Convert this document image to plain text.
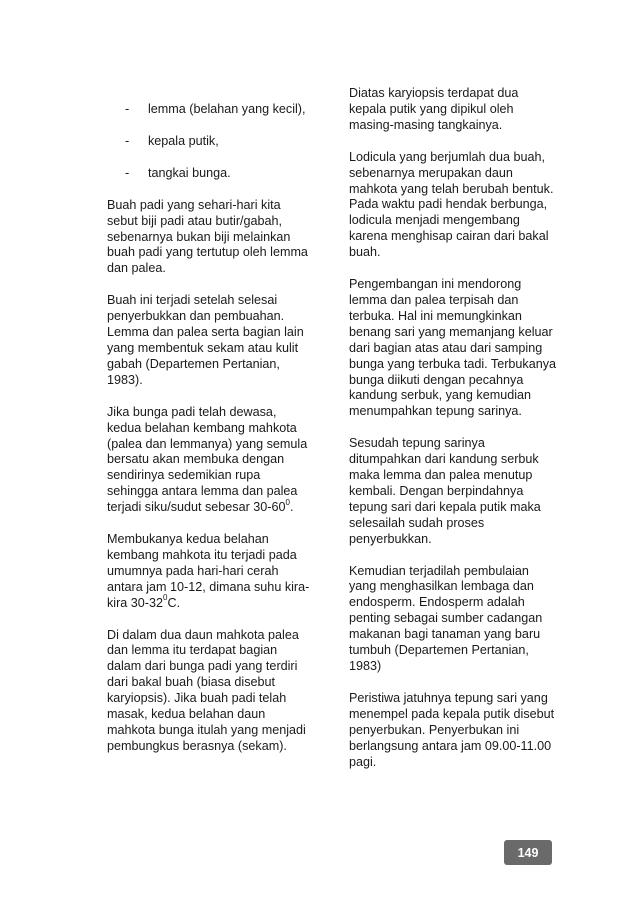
- lemma (belahan yang kecil),
- kepala putik,
- tangkai bunga.

Buah padi yang sehari-hari kita sebut biji padi atau butir/gabah, sebenarnya bukan biji melainkan buah padi yang tertutup oleh lemma dan palea.

Buah ini terjadi setelah selesai penyerbukkan dan pembuahan. Lemma dan palea serta bagian lain yang membentuk sekam atau kulit gabah (Departemen Pertanian, 1983).

Jika bunga padi telah dewasa, kedua belahan kembang mahkota (palea dan lemmanya) yang semula bersatu akan membuka dengan sendirinya sedemikian rupa sehingga antara lemma dan palea terjadi siku/sudut sebesar $30-60^0$.

Membukanya kedua belahan kembang mahkota itu terjadi pada umumnya pada hari-hari cerah antara jam 10-12, dimana suhu kira-kira $30-32^0C$.

Di dalam dua daun mahkota palea dan lemma itu terdapat bagian dalam dari bunga padi yang terdiri dari bakal buah (biasa disebut karyiopsis). Jika buah padi telah masak, kedua belahan daun mahkota bunga itulah yang menjadi pembungkus berasnya (sekam).

Diatas karyiopsis terdapat dua kepala putik yang dipikul oleh masing-masing tangkainya.

Lodicula yang berjumlah dua buah, sebenarnya merupakan daun mahkota yang telah berubah bentuk.

Pada waktu padi hendak berbunga, lodicula menjadi mengembang karena menghisap cairan dari bakal buah.

Pengembangan ini mendorong lemma dan palea terpisah dan terbuka. Hal ini memungkinkan benang sari yang memanjang keluar dari bagian atas atau dari samping bunga yang terbuka tadi. Terbukanya bunga diikuti dengan pecahnya kandung serbuk, yang kemudian menumpahkan tepung sarinya.

Sesudah tepung sarinya ditumpahkan dari kandung serbuk maka lemma dan palea menutup kembali. Dengan berpindahnya tepung sari dari kepala putik maka selesailah sudah proses penyerbukkan.

Kemudian terjadilah pembulaian yang menghasilkan lembaga dan endosperm. Endosperm adalah penting sebagai sumber cadangan makanan bagi tanaman yang baru tumbuh (Departemen Pertanian, 1983)

Peristiwa jatuhnya tepung sari yang menempel pada kepala putik disebut penyerbukan. Penyerbukan ini berlangsung antara jam 09.00-11.00 pagi.

149
